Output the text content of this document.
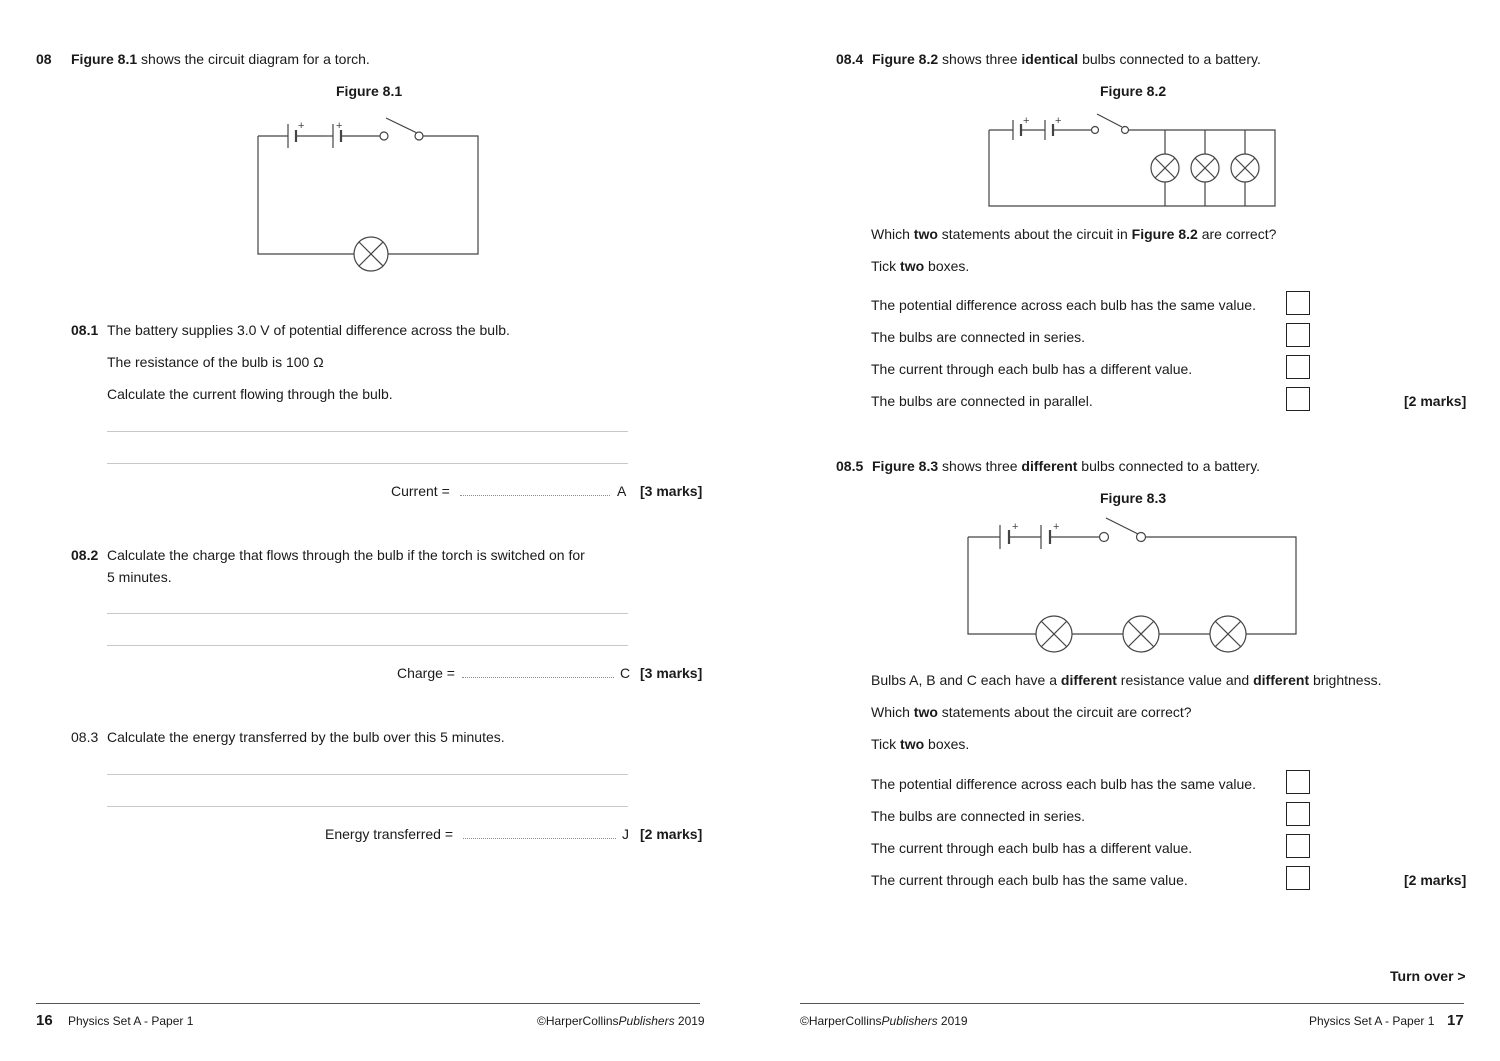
08 Figure 8.1 shows the circuit diagram for a torch.
Figure 8.1
+	+
08.1 The battery supplies 3.0 V of potential difference across the bulb.
The resistance of the bulb is 100 Ω
Calculate the current flowing through the bulb.
Current =	A [3 marks]
08.2 Calculate the charge that flows through the bulb if the torch is switched on for
5 minutes.
Charge =	C [3 marks]
08.3 Calculate the energy transferred by the bulb over this 5 minutes.
Energy transferred =	J [2 marks]
16 Physics Set A - Paper 1	©HarperCollinsPublishers 2019
08.4 Figure 8.2 shows three identical bulbs connected to a battery.
Figure 8.2
+ +
Which two statements about the circuit in Figure 8.2 are correct?
Tick two boxes.
The potential difference across each bulb has the same value.
The bulbs are connected in series.
The current through each bulb has a different value.
The bulbs are connected in parallel.	[2 marks]
08.5 Figure 8.3 shows three different bulbs connected to a battery.
Figure 8.3
+	+
Bulbs A, B and C each have a different resistance value and different brightness.
Which two statements about the circuit are correct?
Tick two boxes.
The potential difference across each bulb has the same value.
The bulbs are connected in series.
The current through each bulb has a different value.
The current through each bulb has the same value.	[2 marks]
Turn over >
©HarperCollinsPublishers 2019	Physics Set A - Paper 1 17
